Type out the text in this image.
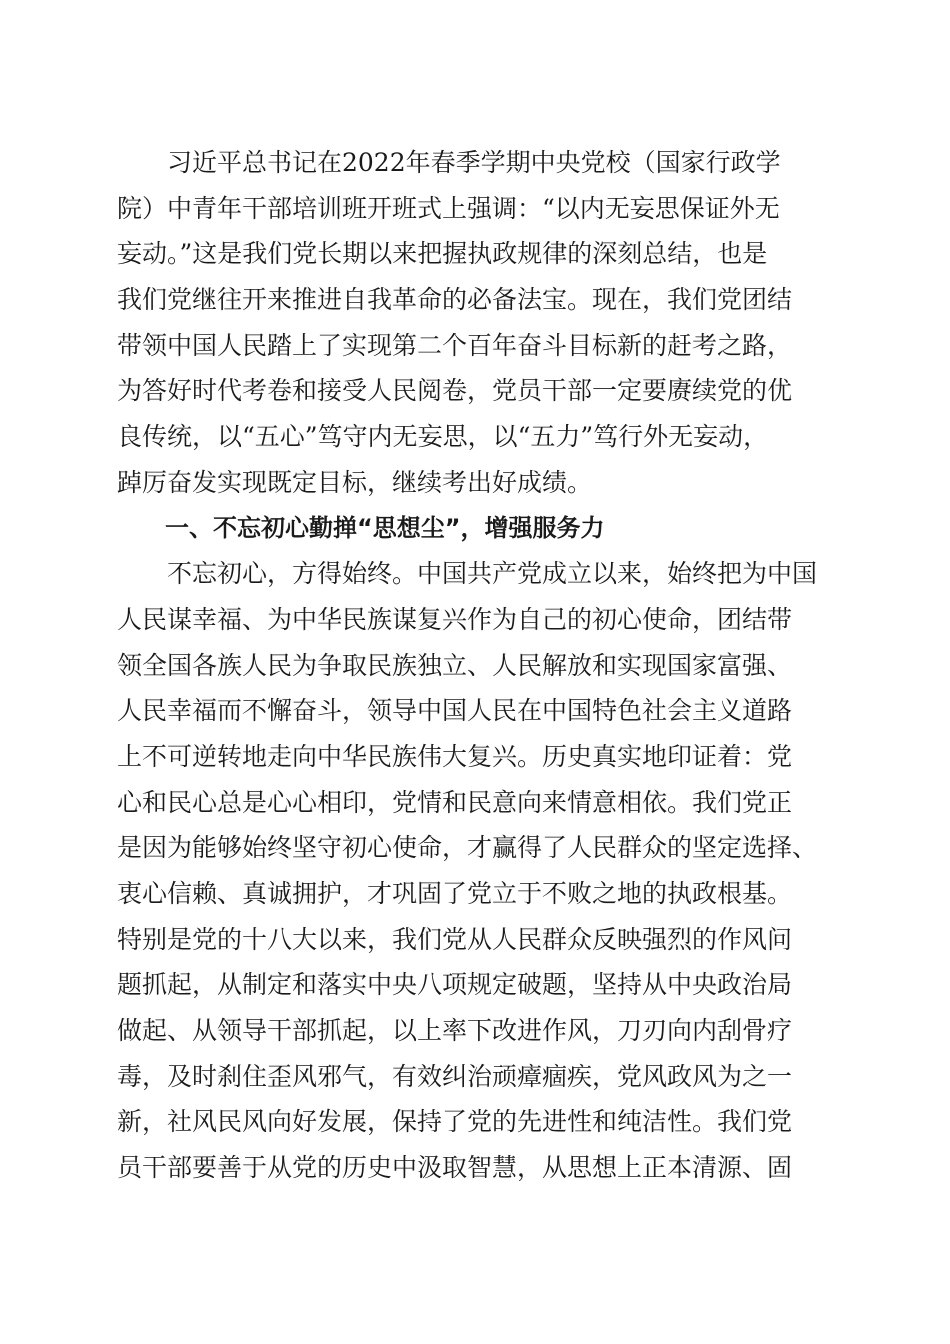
　　习近平总书记在2022年春季学期中央党校（国家行政学
院）中青年干部培训班开班式上强调：“以内无妄思保证外无
妄动。”这是我们党长期以来把握执政规律的深刻总结，也是
我们党继往开来推进自我革命的必备法宝。现在，我们党团结
带领中国人民踏上了实现第二个百年奋斗目标新的赶考之路，
为答好时代考卷和接受人民阅卷，党员干部一定要赓续党的优
良传统，以“五心”笃守内无妄思，以“五力”笃行外无妄动，
踔厉奋发实现既定目标，继续考出好成绩。
　　一、不忘初心勤掸“思想尘”，增强服务力
　　不忘初心，方得始终。中国共产党成立以来，始终把为中国
人民谋幸福、为中华民族谋复兴作为自己的初心使命，团结带
领全国各族人民为争取民族独立、人民解放和实现国家富强、
人民幸福而不懈奋斗，领导中国人民在中国特色社会主义道路
上不可逆转地走向中华民族伟大复兴。历史真实地印证着：党
心和民心总是心心相印，党情和民意向来情意相依。我们党正
是因为能够始终坚守初心使命，才赢得了人民群众的坚定选择、
衷心信赖、真诚拥护，才巩固了党立于不败之地的执政根基。
特别是党的十八大以来，我们党从人民群众反映强烈的作风问
题抓起，从制定和落实中央八项规定破题，坚持从中央政治局
做起、从领导干部抓起，以上率下改进作风，刀刃向内刮骨疗
毒，及时刹住歪风邪气，有效纠治顽瘴痼疾，党风政风为之一
新，社风民风向好发展，保持了党的先进性和纯洁性。我们党
员干部要善于从党的历史中汲取智慧，从思想上正本清源、固
